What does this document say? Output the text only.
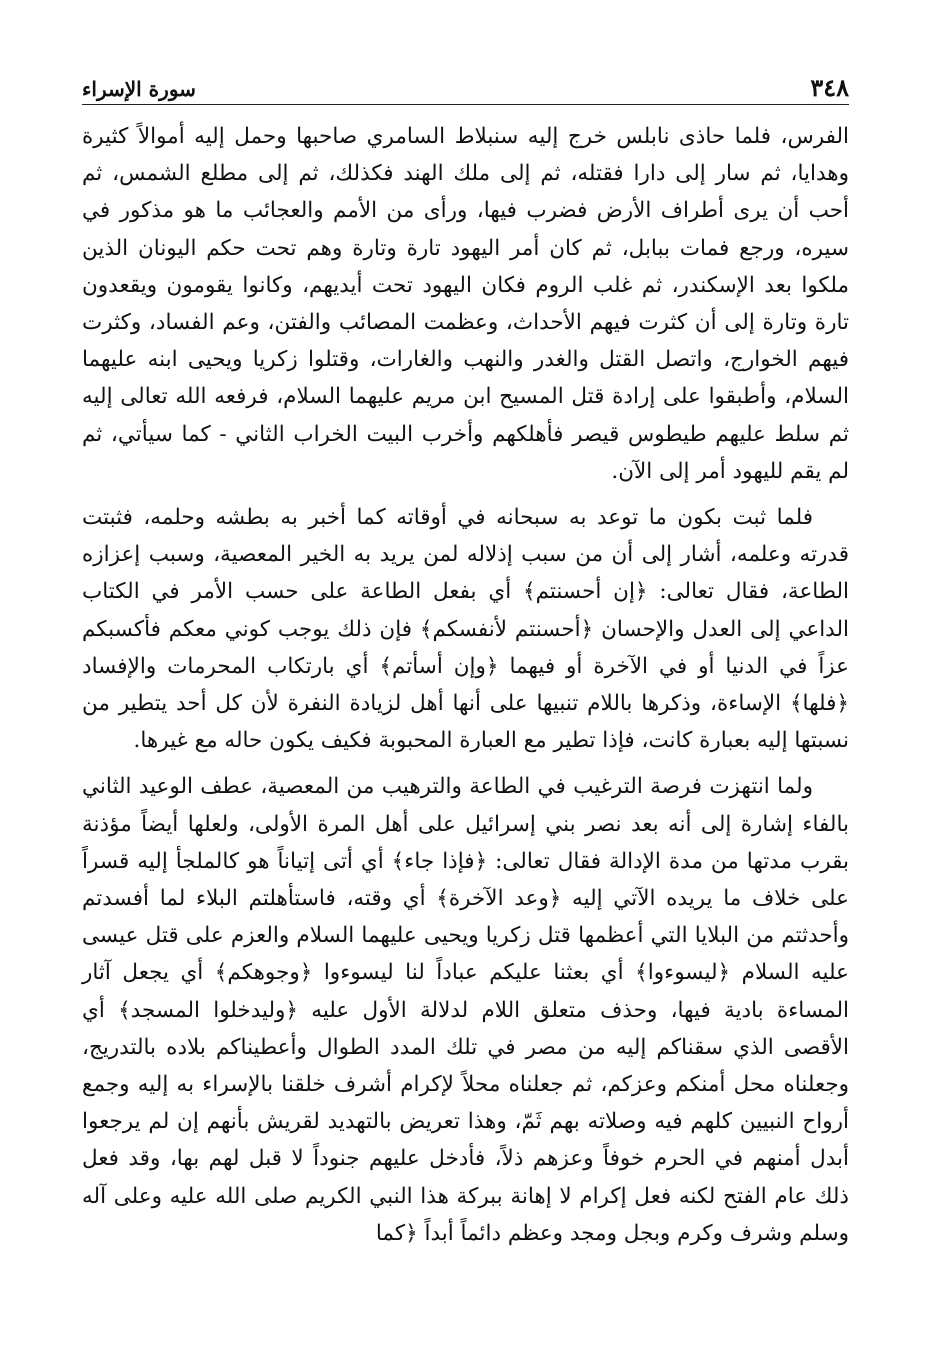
٣٤٨
سورة الإسراء

الفرس، فلما حاذى نابلس خرج إليه سنبلاط السامري صاحبها وحمل إليه أموالاً كثيرة وهدايا، ثم سار إلى دارا فقتله، ثم إلى ملك الهند فكذلك، ثم إلى مطلع الشمس، ثم أحب أن يرى أطراف الأرض فضرب فيها، ورأى من الأمم والعجائب ما هو مذكور في سيره، ورجع فمات ببابل، ثم كان أمر اليهود تارة وتارة وهم تحت حكم اليونان الذين ملكوا بعد الإسكندر، ثم غلب الروم فكان اليهود تحت أيديهم، وكانوا يقومون ويقعدون تارة وتارة إلى أن كثرت فيهم الأحداث، وعظمت المصائب والفتن، وعم الفساد، وكثرت فيهم الخوارج، واتصل القتل والغدر والنهب والغارات، وقتلوا زكريا ويحيى ابنه عليهما السلام، وأطبقوا على إرادة قتل المسيح ابن مريم عليهما السلام، فرفعه الله تعالى إليه ثم سلط عليهم طيطوس قيصر فأهلكهم وأخرب البيت الخراب الثاني - كما سيأتي، ثم لم يقم لليهود أمر إلى الآن.

فلما ثبت بكون ما توعد به سبحانه في أوقاته كما أخبر به بطشه وحلمه، فثبتت قدرته وعلمه، أشار إلى أن من سبب إذلاله لمن يريد به الخير المعصية، وسبب إعزازه الطاعة، فقال تعالى: ﴿إن أحسنتم﴾ أي بفعل الطاعة على حسب الأمر في الكتاب الداعي إلى العدل والإحسان ﴿أحسنتم لأنفسكم﴾ فإن ذلك يوجب كوني معكم فأكسبكم عزاً في الدنيا أو في الآخرة أو فيهما ﴿وإن أسأتم﴾ أي بارتكاب المحرمات والإفساد ﴿فلها﴾ الإساءة، وذكرها باللام تنبيها على أنها أهل لزيادة النفرة لأن كل أحد يتطير من نسبتها إليه بعبارة كانت، فإذا تطير مع العبارة المحبوبة فكيف يكون حاله مع غيرها.

ولما انتهزت فرصة الترغيب في الطاعة والترهيب من المعصية، عطف الوعيد الثاني بالفاء إشارة إلى أنه بعد نصر بني إسرائيل على أهل المرة الأولى، ولعلها أيضاً مؤذنة بقرب مدتها من مدة الإدالة فقال تعالى: ﴿فإذا جاء﴾ أي أتى إتياناً هو كالملجأ إليه قسراً على خلاف ما يريده الآتي إليه ﴿وعد الآخرة﴾ أي وقته، فاستأهلتم البلاء لما أفسدتم وأحدثتم من البلايا التي أعظمها قتل زكريا ويحيى عليهما السلام والعزم على قتل عيسى عليه السلام ﴿ليسوءوا﴾ أي بعثنا عليكم عباداً لنا ليسوءوا ﴿وجوهكم﴾ أي يجعل آثار المساءة بادية فيها، وحذف متعلق اللام لدلالة الأول عليه ﴿وليدخلوا المسجد﴾ أي الأقصى الذي سقناكم إليه من مصر في تلك المدد الطوال وأعطيناكم بلاده بالتدريج، وجعلناه محل أمنكم وعزكم، ثم جعلناه محلاً لإكرام أشرف خلقنا بالإسراء به إليه وجمع أرواح النبيين كلهم فيه وصلاته بهم ثَمّ، وهذا تعريض بالتهديد لقريش بأنهم إن لم يرجعوا أبدل أمنهم في الحرم خوفاً وعزهم ذلاً، فأدخل عليهم جنوداً لا قبل لهم بها، وقد فعل ذلك عام الفتح لكنه فعل إكرام لا إهانة ببركة هذا النبي الكريم صلى الله عليه وعلى آله وسلم وشرف وكرم وبجل ومجد وعظم دائماً أبداً ﴿كما
